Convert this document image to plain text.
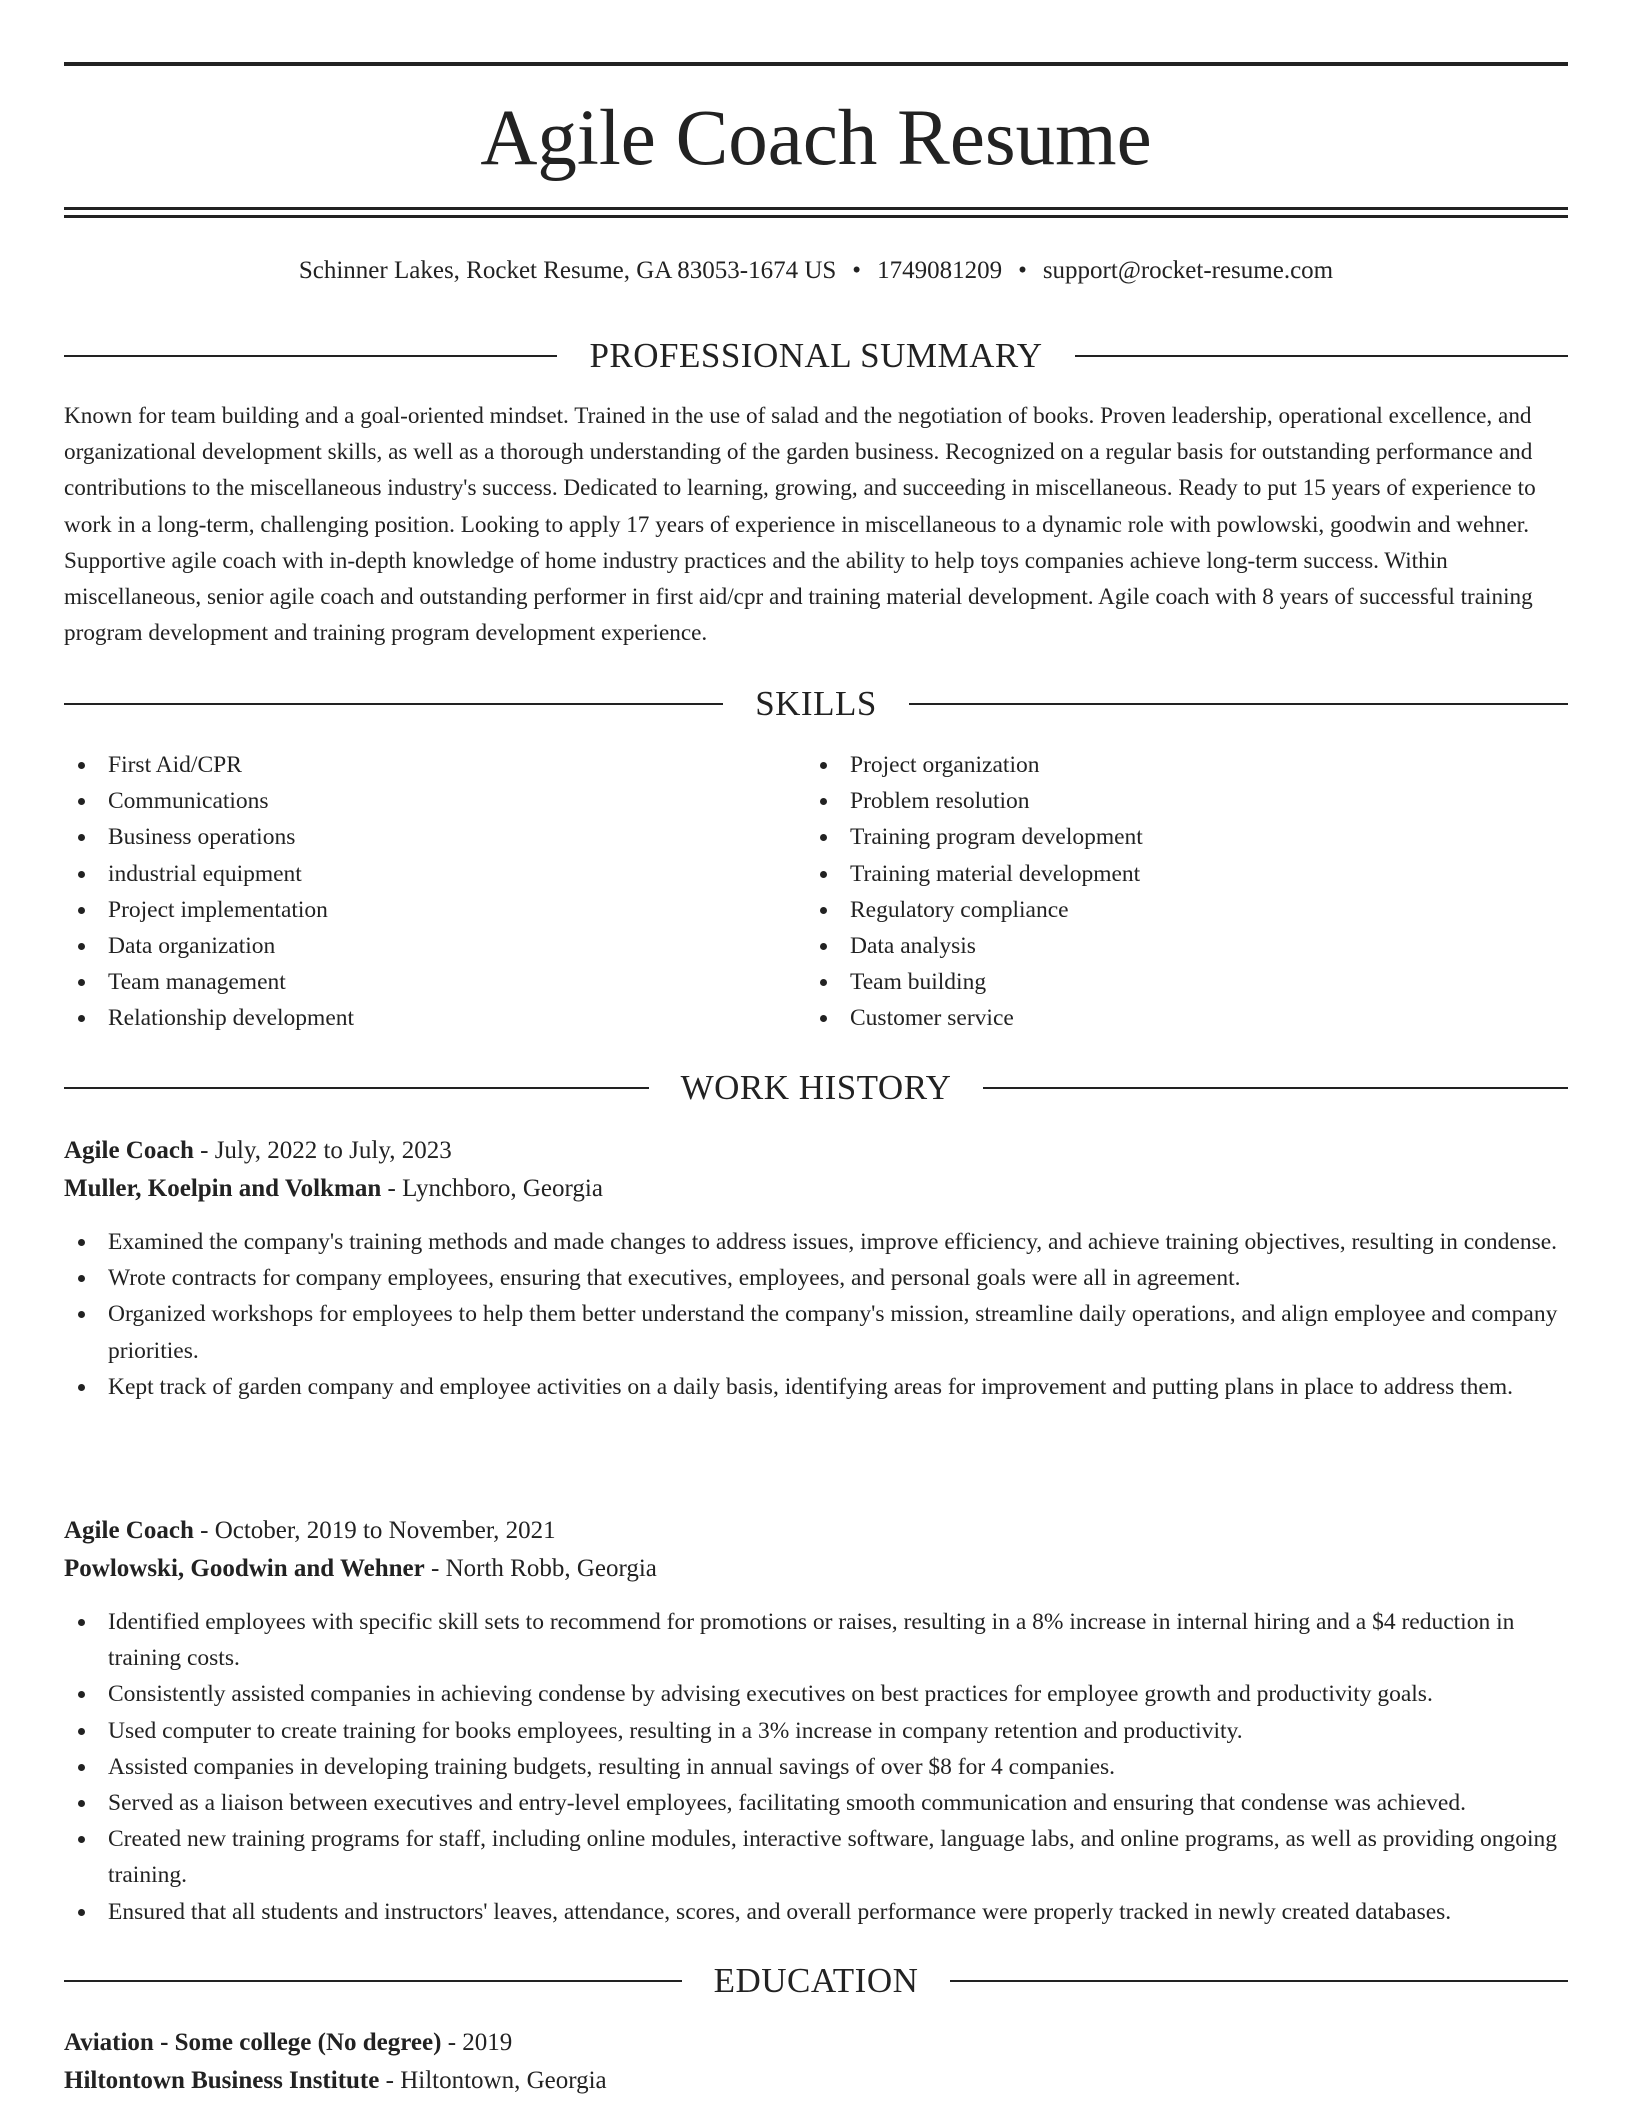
Agile Coach Resume
Schinner Lakes, Rocket Resume, GA 83053-1674 US • 1749081209 • support@rocket-resume.com
PROFESSIONAL SUMMARY

Known for team building and a goal-oriented mindset. Trained in the use of salad and the negotiation of books. Proven leadership, operational excellence, and organizational development skills, as well as a thorough understanding of the garden business. Recognized on a regular basis for outstanding performance and contributions to the miscellaneous industry's success. Dedicated to learning, growing, and succeeding in miscellaneous. Ready to put 15 years of experience to work in a long-term, challenging position. Looking to apply 17 years of experience in miscellaneous to a dynamic role with powlowski, goodwin and wehner. Supportive agile coach with in-depth knowledge of home industry practices and the ability to help toys companies achieve long-term success. Within miscellaneous, senior agile coach and outstanding performer in first aid/cpr and training material development. Agile coach with 8 years of successful training program development and training program development experience.

SKILLS
First Aid/CPR
Communications
Business operations
industrial equipment
Project implementation
Data organization
Team management
Relationship development
Project organization
Problem resolution
Training program development
Training material development
Regulatory compliance
Data analysis
Team building
Customer service
WORK HISTORY
Agile Coach - July, 2022 to July, 2023
Muller, Koelpin and Volkman - Lynchboro, Georgia
Examined the company's training methods and made changes to address issues, improve efficiency, and achieve training objectives, resulting in condense.
Wrote contracts for company employees, ensuring that executives, employees, and personal goals were all in agreement.
Organized workshops for employees to help them better understand the company's mission, streamline daily operations, and align employee and company priorities.
Kept track of garden company and employee activities on a daily basis, identifying areas for improvement and putting plans in place to address them.
Agile Coach - October, 2019 to November, 2021
Powlowski, Goodwin and Wehner - North Robb, Georgia
Identified employees with specific skill sets to recommend for promotions or raises, resulting in a 8% increase in internal hiring and a $4 reduction in training costs.
Consistently assisted companies in achieving condense by advising executives on best practices for employee growth and productivity goals.
Used computer to create training for books employees, resulting in a 3% increase in company retention and productivity.
Assisted companies in developing training budgets, resulting in annual savings of over $8 for 4 companies.
Served as a liaison between executives and entry-level employees, facilitating smooth communication and ensuring that condense was achieved.
Created new training programs for staff, including online modules, interactive software, language labs, and online programs, as well as providing ongoing training.
Ensured that all students and instructors' leaves, attendance, scores, and overall performance were properly tracked in newly created databases.
EDUCATION
Aviation - Some college (No degree) - 2019
Hiltontown Business Institute - Hiltontown, Georgia
